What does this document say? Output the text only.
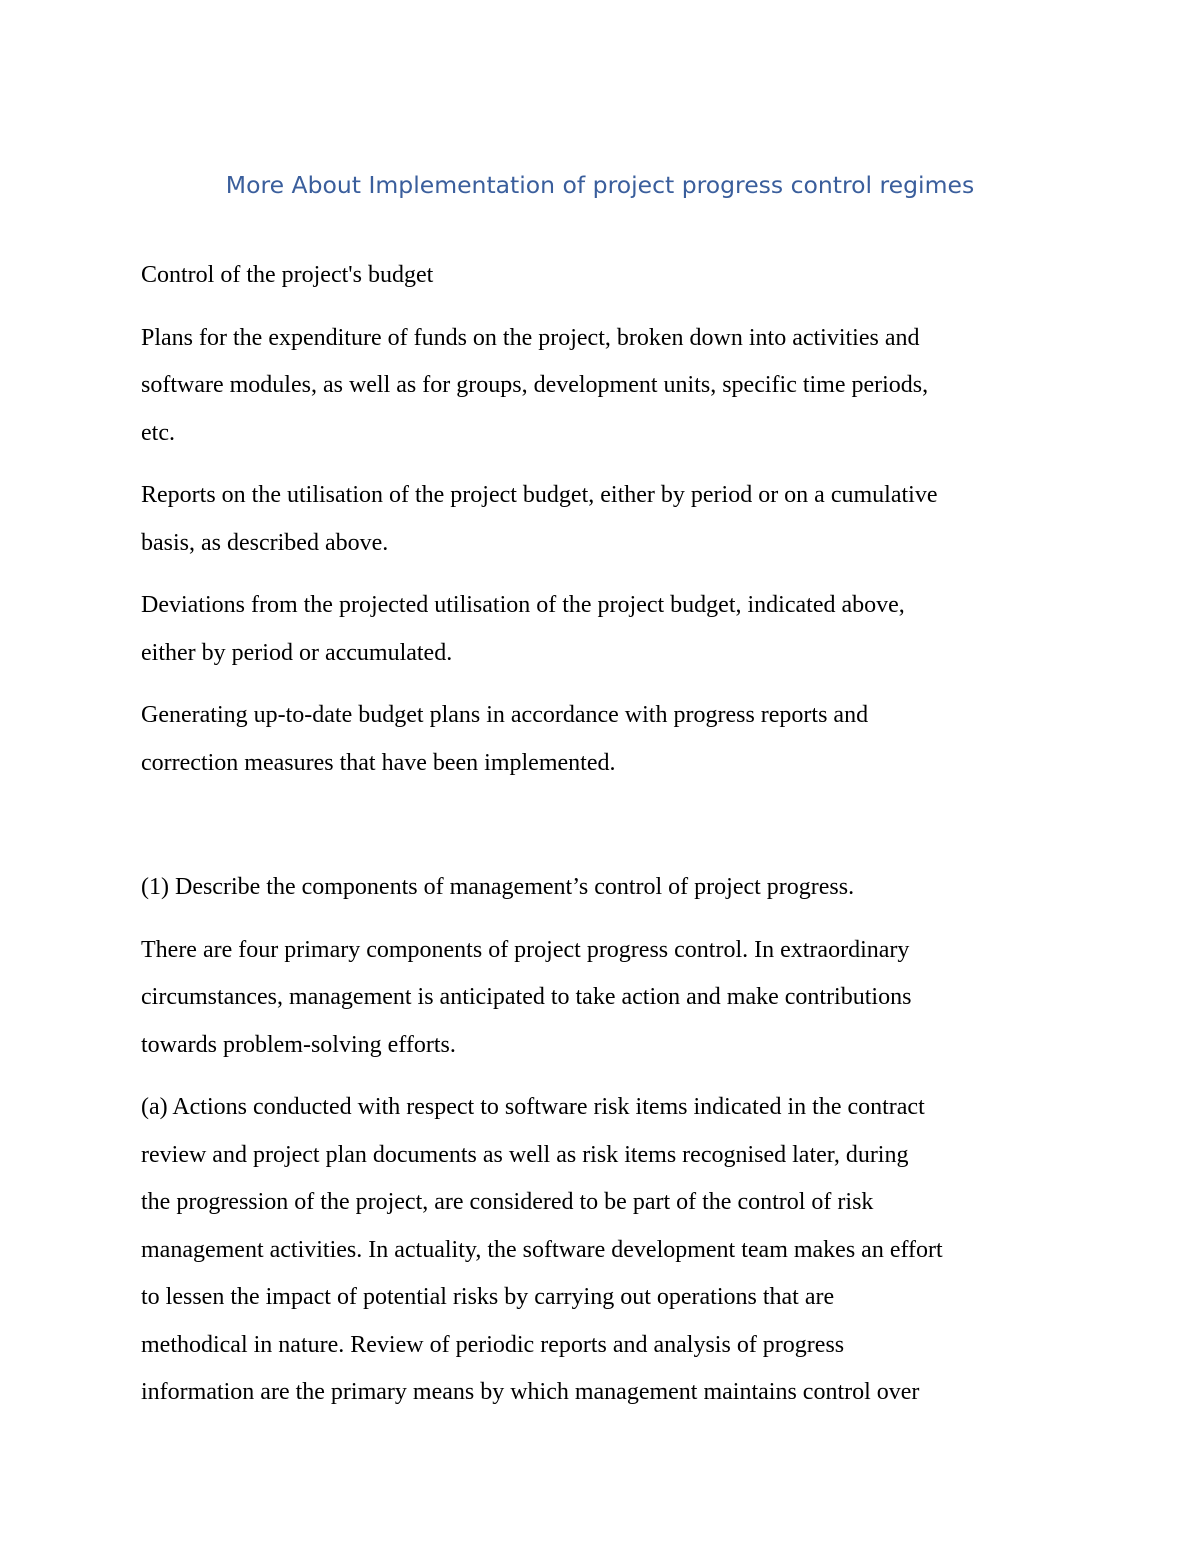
More About Implementation of project progress control regimes

Control of the project's budget

Plans for the expenditure of funds on the project, broken down into activities and
software modules, as well as for groups, development units, specific time periods,
etc.

Reports on the utilisation of the project budget, either by period or on a cumulative
basis, as described above.

Deviations from the projected utilisation of the project budget, indicated above,
either by period or accumulated.

Generating up-to-date budget plans in accordance with progress reports and
correction measures that have been implemented.

(1) Describe the components of management’s control of project progress.

There are four primary components of project progress control. In extraordinary
circumstances, management is anticipated to take action and make contributions
towards problem-solving efforts.

(a) Actions conducted with respect to software risk items indicated in the contract
review and project plan documents as well as risk items recognised later, during
the progression of the project, are considered to be part of the control of risk
management activities. In actuality, the software development team makes an effort
to lessen the impact of potential risks by carrying out operations that are
methodical in nature. Review of periodic reports and analysis of progress
information are the primary means by which management maintains control over
